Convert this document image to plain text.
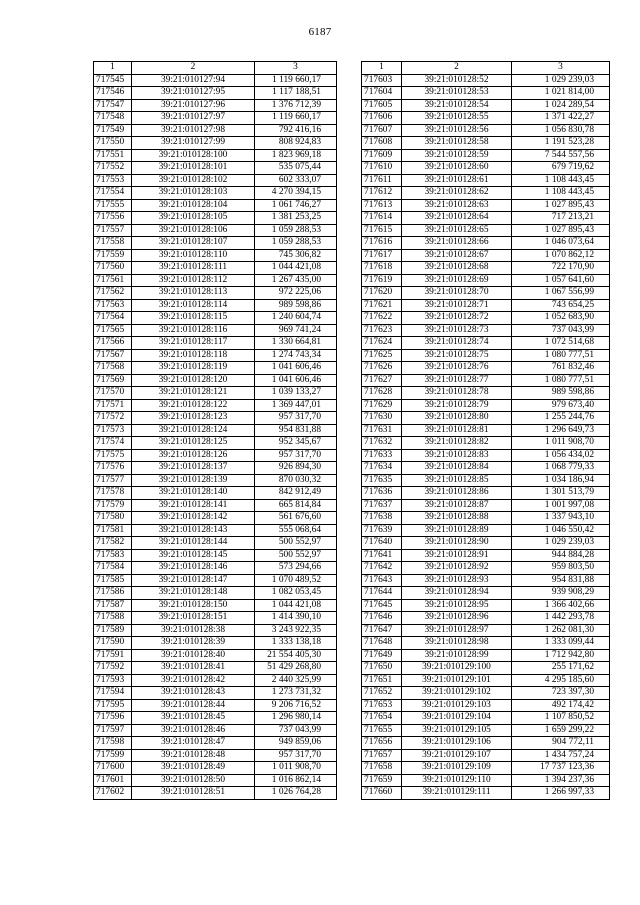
6187
1	2	3
717545	39:21:010127:94	1 119 660,17
717546	39:21:010127:95	1 117 188,51
717547	39:21:010127:96	1 376 712,39
717548	39:21:010127:97	1 119 660,17
717549	39:21:010127:98	792 416,16
717550	39:21:010127:99	808 924,83
717551	39:21:010128:100	1 823 969,18
717552	39:21:010128:101	535 075,44
717553	39:21:010128:102	602 333,07
717554	39:21:010128:103	4 270 394,15
717555	39:21:010128:104	1 061 746,27
717556	39:21:010128:105	1 381 253,25
717557	39:21:010128:106	1 059 288,53
717558	39:21:010128:107	1 059 288,53
717559	39:21:010128:110	745 306,82
717560	39:21:010128:111	1 044 421,08
717561	39:21:010128:112	1 267 435,00
717562	39:21:010128:113	972 225,06
717563	39:21:010128:114	989 598,86
717564	39:21:010128:115	1 240 604,74
717565	39:21:010128:116	969 741,24
717566	39:21:010128:117	1 330 664,81
717567	39:21:010128:118	1 274 743,34
717568	39:21:010128:119	1 041 606,46
717569	39:21:010128:120	1 041 606,46
717570	39:21:010128:121	1 039 133,27
717571	39:21:010128:122	1 369 447,01
717572	39:21:010128:123	957 317,70
717573	39:21:010128:124	954 831,88
717574	39:21:010128:125	952 345,67
717575	39:21:010128:126	957 317,70
717576	39:21:010128:137	926 894,30
717577	39:21:010128:139	870 030,32
717578	39:21:010128:140	842 912,49
717579	39:21:010128:141	665 814,84
717580	39:21:010128:142	561 676,60
717581	39:21:010128:143	555 068,64
717582	39:21:010128:144	500 552,97
717583	39:21:010128:145	500 552,97
717584	39:21:010128:146	573 294,66
717585	39:21:010128:147	1 070 489,52
717586	39:21:010128:148	1 082 053,45
717587	39:21:010128:150	1 044 421,08
717588	39:21:010128:151	1 414 390,10
717589	39:21:010128:38	3 243 922,35
717590	39:21:010128:39	1 333 138,18
717591	39:21:010128:40	21 554 405,30
717592	39:21:010128:41	51 429 268,80
717593	39:21:010128:42	2 440 325,99
717594	39:21:010128:43	1 273 731,32
717595	39:21:010128:44	9 206 716,52
717596	39:21:010128:45	1 296 980,14
717597	39:21:010128:46	737 043,99
717598	39:21:010128:47	949 859,06
717599	39:21:010128:48	957 317,70
717600	39:21:010128:49	1 011 908,70
717601	39:21:010128:50	1 016 862,14
717602	39:21:010128:51	1 026 764,28
1	2	3
717603	39:21:010128:52	1 029 239,03
717604	39:21:010128:53	1 021 814,00
717605	39:21:010128:54	1 024 289,54
717606	39:21:010128:55	1 371 422,27
717607	39:21:010128:56	1 056 830,78
717608	39:21:010128:58	1 191 523,28
717609	39:21:010128:59	7 544 557,56
717610	39:21:010128:60	679 719,62
717611	39:21:010128:61	1 108 443,45
717612	39:21:010128:62	1 108 443,45
717613	39:21:010128:63	1 027 895,43
717614	39:21:010128:64	717 213,21
717615	39:21:010128:65	1 027 895,43
717616	39:21:010128:66	1 046 073,64
717617	39:21:010128:67	1 070 862,12
717618	39:21:010128:68	722 170,90
717619	39:21:010128:69	1 057 641,60
717620	39:21:010128:70	1 067 556,99
717621	39:21:010128:71	743 654,25
717622	39:21:010128:72	1 052 683,90
717623	39:21:010128:73	737 043,99
717624	39:21:010128:74	1 072 514,68
717625	39:21:010128:75	1 080 777,51
717626	39:21:010128:76	761 832,46
717627	39:21:010128:77	1 080 777,51
717628	39:21:010128:78	989 598,86
717629	39:21:010128:79	979 673,40
717630	39:21:010128:80	1 255 244,76
717631	39:21:010128:81	1 296 649,73
717632	39:21:010128:82	1 011 908,70
717633	39:21:010128:83	1 056 434,02
717634	39:21:010128:84	1 068 779,33
717635	39:21:010128:85	1 034 186,94
717636	39:21:010128:86	1 301 513,79
717637	39:21:010128:87	1 001 997,08
717638	39:21:010128:88	1 337 943,10
717639	39:21:010128:89	1 046 550,42
717640	39:21:010128:90	1 029 239,03
717641	39:21:010128:91	944 884,28
717642	39:21:010128:92	959 803,50
717643	39:21:010128:93	954 831,88
717644	39:21:010128:94	939 908,29
717645	39:21:010128:95	1 366 402,66
717646	39:21:010128:96	1 442 293,78
717647	39:21:010128:97	1 262 081,30
717648	39:21:010128:98	1 333 099,44
717649	39:21:010128:99	1 712 942,80
717650	39:21:010129:100	255 171,62
717651	39:21:010129:101	4 295 185,60
717652	39:21:010129:102	723 397,30
717653	39:21:010129:103	492 174,42
717654	39:21:010129:104	1 107 850,52
717655	39:21:010129:105	1 659 299,22
717656	39:21:010129:106	904 772,11
717657	39:21:010129:107	1 434 757,24
717658	39:21:010129:109	17 737 123,36
717659	39:21:010129:110	1 394 237,36
717660	39:21:010129:111	1 266 997,33
